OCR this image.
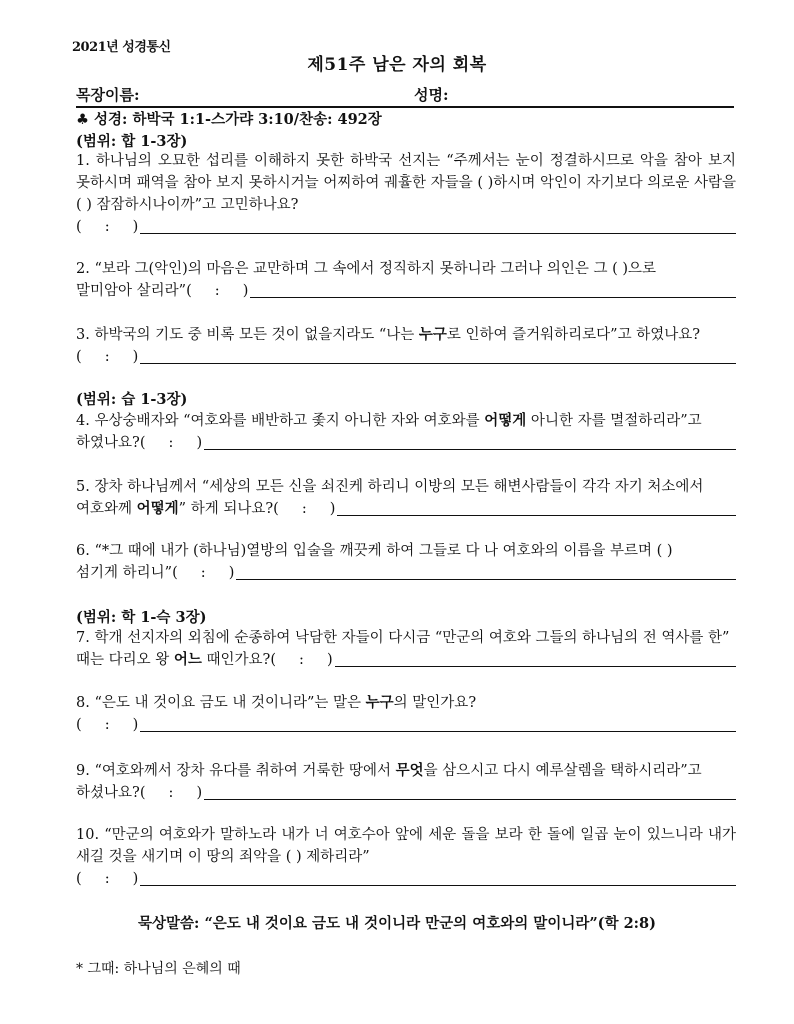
2021년 성경통신
제51주 남은 자의 회복
목장이름:	성명:
♣ 성경: 하박국 1:1-스가랴 3:10/찬송: 492장
(범위: 합 1-3장)
1. 하나님의 오묘한 섭리를 이해하지 못한 하박국 선지는 “주께서는 눈이 정결하시므로 악을 참아 보지 못하시며 패역을 참아 보지 못하시거늘 어찌하여 궤휼한 자들을 ( )하시며 악인이 자기보다 의로운 사람을 ( ) 잠잠하시나이까”고 고민하나요?
(     :     )
2. “보라 그(악인)의 마음은 교만하며 그 속에서 정직하지 못하니라 그러나 의인은 그 ( )으로
말미암아 살리라” (     :     )
3. 하박국의 기도 중 비록 모든 것이 없을지라도 “나는 누구로 인하여 즐거워하리로다”고 하였나요?
(     :     )
(범위: 습 1-3장)
4. 우상숭배자와 “여호와를 배반하고 좇지 아니한 자와 여호와를 어떻게 아니한 자를 멸절하리라”고
하였나요? (     :     )
5. 장차 하나님께서 “세상의 모든 신을 쇠진케 하리니 이방의 모든 해변사람들이 각각 자기 처소에서
여호와께 어떻게” 하게 되나요? (     :     )
6. “*그 때에 내가 (하나님)열방의 입술을 깨끗케 하여 그들로 다 나 여호와의 이름을 부르며 ( )
섬기게 하리니” (     :     )
(범위: 학 1-슥 3장)
7. 학개 선지자의 외침에 순종하여 낙담한 자들이 다시금 “만군의 여호와 그들의 하나님의 전 역사를 한”
때는 다리오 왕 어느 때인가요? (     :     )
8. “은도 내 것이요 금도 내 것이니라”는 말은 누구의 말인가요?
(     :     )
9. “여호와께서 장차 유다를 취하여 거룩한 땅에서 무엇을 삼으시고 다시 예루살렘을 택하시리라”고
하셨나요? (     :     )
10. “만군의 여호와가 말하노라 내가 너 여호수아 앞에 세운 돌을 보라 한 돌에 일곱 눈이 있느니라 내가 새길 것을 새기며 이 땅의 죄악을 ( ) 제하리라”
(     :     )
묵상말씀: “은도 내 것이요 금도 내 것이니라 만군의 여호와의 말이니라”(학 2:8)
* 그때: 하나님의 은혜의 때
